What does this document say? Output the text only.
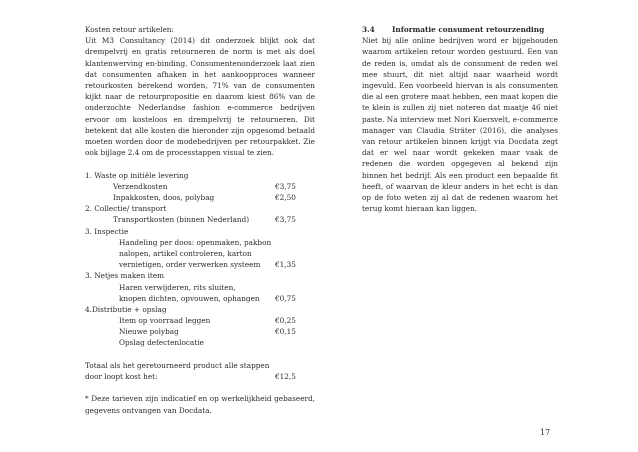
Kosten retour artikelen:

Uit M3 Consultancy (2014) dit onderzoek blijkt ook dat drempelvrij en gratis retourneren de norm is met als doel klantenwerving en-binding. Consumentenonderzoek laat zien dat consumenten afhaken in het aankoopproces wanneer retourkosten berekend worden, 71% van de consumenten kijkt naar de retourpropositie en daarom kiest 86% van de onderzochte Nederlandse fashion e-commerce bedrijven ervoor om kosteloos en drempelvrij te retourneren. Dit betekent dat alle kosten die hieronder zijn opgesomd betaald moeten worden door de modebedrijven per retourpakket. Zie ook bijlage 2.4 om de processtappen visual te zien.

1. Waste op initiële levering
Verzendkosten	€3,75
Inpakkosten, doos, polybag	€2,50
2. Collectie/ transport
Transportkosten (binnen Nederland)	€3,75
3. Inspectie
Handeling per doos: openmaken, pakbon
nalopen, artikel controleren, karton
vernietigen, order verwerken systeem €1,35
3. Netjes maken item
Haren verwijderen, rits sluiten,
knopen dichten, opvouwen, ophangen €0,75
4.Distributie + opslag
Item op voorraad leggen	€0,25
Nieuwe polybag	€0,15
Opslag defectenlocatie

Totaal als het geretourneerd product alle stappen door loopt kost het:	€12,5

* Deze tarieven zijn indicatief en op werkelijkheid gebaseerd, gegevens ontvangen van Docdata.

3.4 Informatie consument retourzending

Niet bij alle online bedrijven word er bijgehouden waarom artikelen retour worden gestuurd. Een van de reden is, omdat als de consument de reden wel mee stuurt, dit niet altijd naar waarheid wordt ingevuld. Een voorbeeld hiervan is als consumenten die al een grotere maat hebben, een maat kopen die te klein is zullen zij niet noteren dat maatje 46 niet paste. Na interview met Nori Koersvelt, e-commerce manager van Claudia Sträter (2016), die analyses van retour artikelen binnen krijgt via Docdata zegt dat er wel naar wordt gekeken maar vaak de redenen die worden opgegeven al bekend zijn binnen het bedrijf. Als een product een bepaalde fit heeft, of waarvan de kleur anders in het echt is dan op de foto weten zij al dat de redenen waarom het terug komt hieraan kan liggen.

17
